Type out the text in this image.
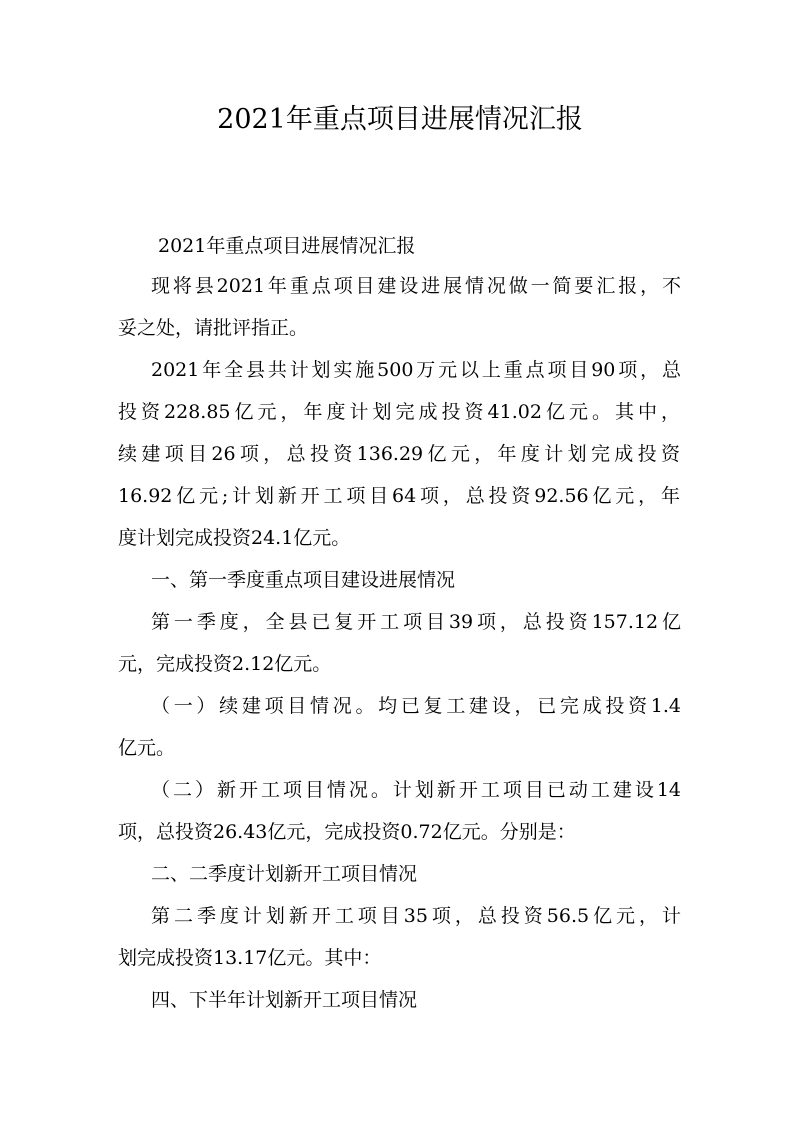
2021年重点项目进展情况汇报
2021年重点项目进展情况汇报
现将县2021年重点项目建设进展情况做一简要汇报，不
妥之处，请批评指正。
2021年全县共计划实施500万元以上重点项目90项，总
投资228.85亿元，年度计划完成投资41.02亿元。其中，
续建项目26项，总投资136.29亿元，年度计划完成投资
16.92亿元;计划新开工项目64项，总投资92.56亿元，年
度计划完成投资24.1亿元。
一、第一季度重点项目建设进展情况
第一季度，全县已复开工项目39项，总投资157.12亿
元，完成投资2.12亿元。
（一）续建项目情况。均已复工建设，已完成投资1.4
亿元。
（二）新开工项目情况。计划新开工项目已动工建设14
项，总投资26.43亿元，完成投资0.72亿元。分别是：
二、二季度计划新开工项目情况
第二季度计划新开工项目35项，总投资56.5亿元，计
划完成投资13.17亿元。其中：
四、下半年计划新开工项目情况
